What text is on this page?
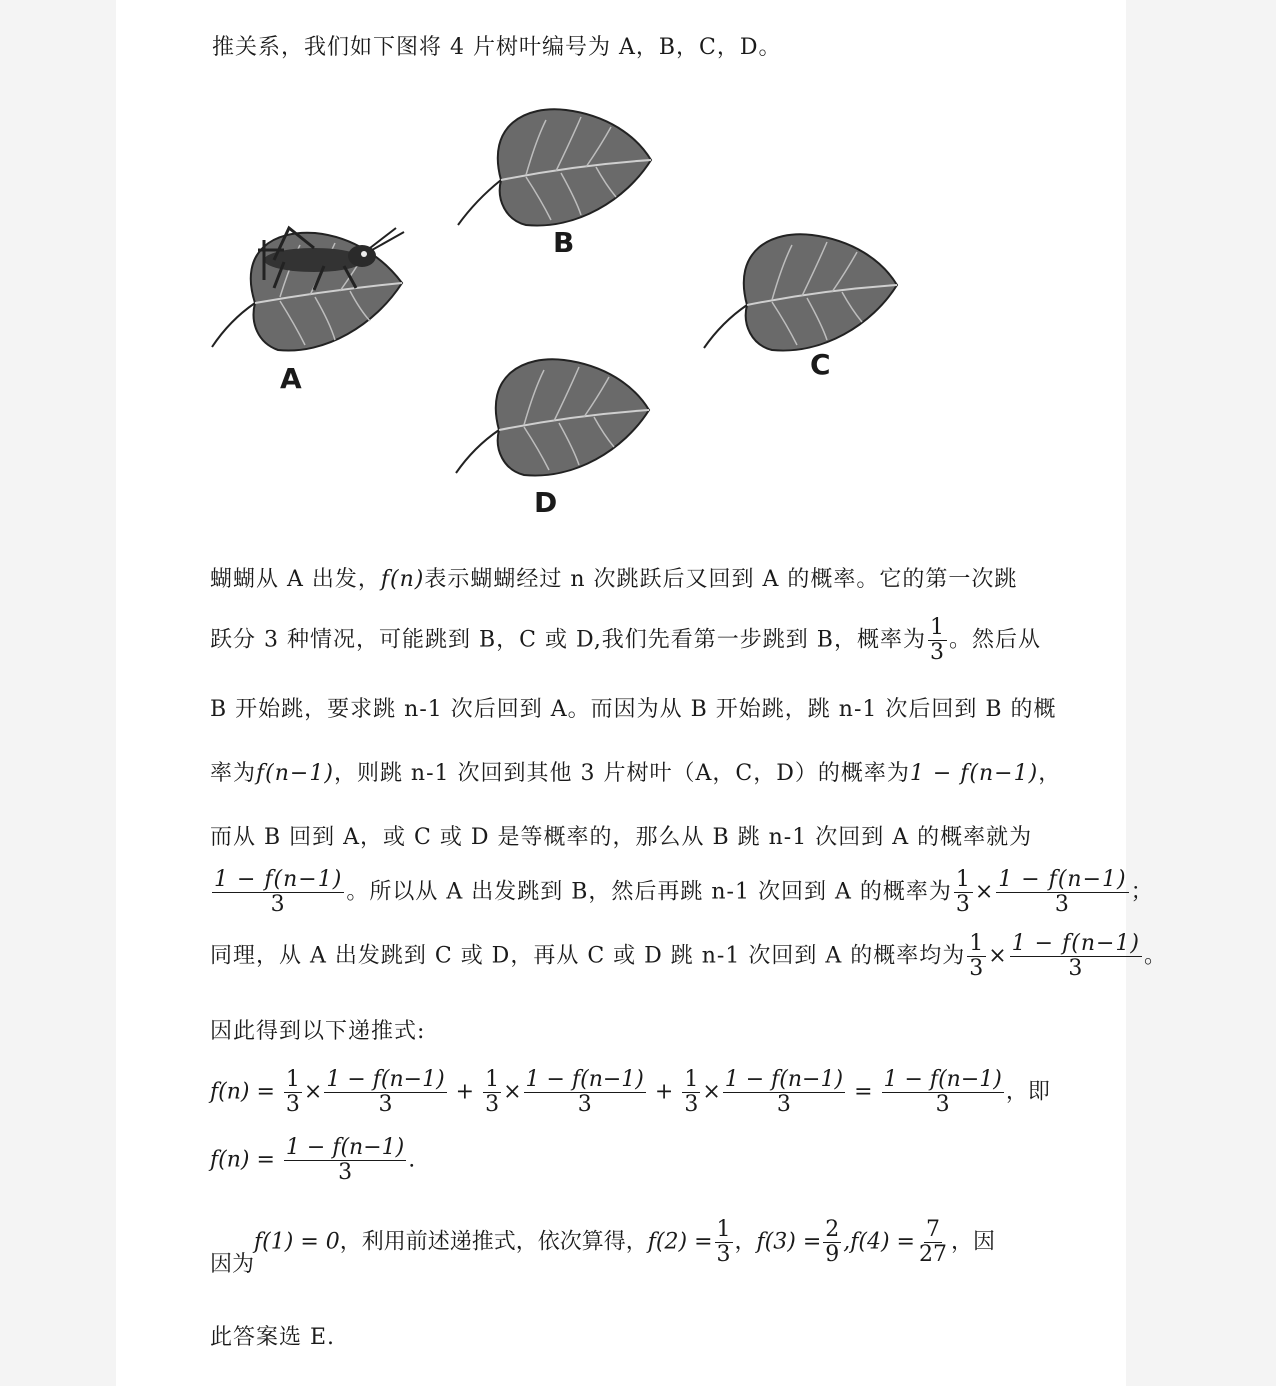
推关系，我们如下图将 4 片树叶编号为 A，B，C，D。
B
A	C
D
蝴蝴从 A 出发，f(n)表示蝴蝴经过 n 次跳跃后又回到 A 的概率。它的第一次跳
跃分 3 种情况，可能跳到 B，C 或 D,我们先看第一步跳到 B，概率为 $\frac{1}{3}$ 。然后从
B 开始跳，要求跳 n-1 次后回到 A。而因为从 B 开始跳，跳 n-1 次后回到 B 的概
率为f(n−1)，则跳 n-1 次回到其他 3 片树叶（A，C，D）的概率为1 − f(n−1)，
而从 B 回到 A，或 C 或 D 是等概率的，那么从 B 跳 n-1 次回到 A 的概率就为
$\frac{1 - f(n-1)}{3}$ 。所以从 A 出发跳到 B，然后再跳 n-1 次回到 A 的概率为 $\frac{1}{3} \times \frac{1 - f(n-1)}{3}$ ；
同理，从 A 出发跳到 C 或 D，再从 C 或 D 跳 n-1 次回到 A 的概率均为 $\frac{1}{3} \times \frac{1 - f(n-1)}{3}$ 。
因此得到以下递推式:
$f(n) = \frac{1}{3} \times \frac{1 - f(n-1)}{3} + \frac{1}{3} \times \frac{1 - f(n-1)}{3} + \frac{1}{3} \times \frac{1 - f(n-1)}{3} = \frac{1 - f(n-1)}{3}$ ，即
$f(n) = \frac{1 - f(n-1)}{3}$ .
因为f(1) = 0，利用前述递推式，依次算得，$f(2) = \frac{1}{3}$ ，$f(3) = \frac{2}{9} ,f(4) = \frac{7}{27}$ ，因
此答案选 E.
